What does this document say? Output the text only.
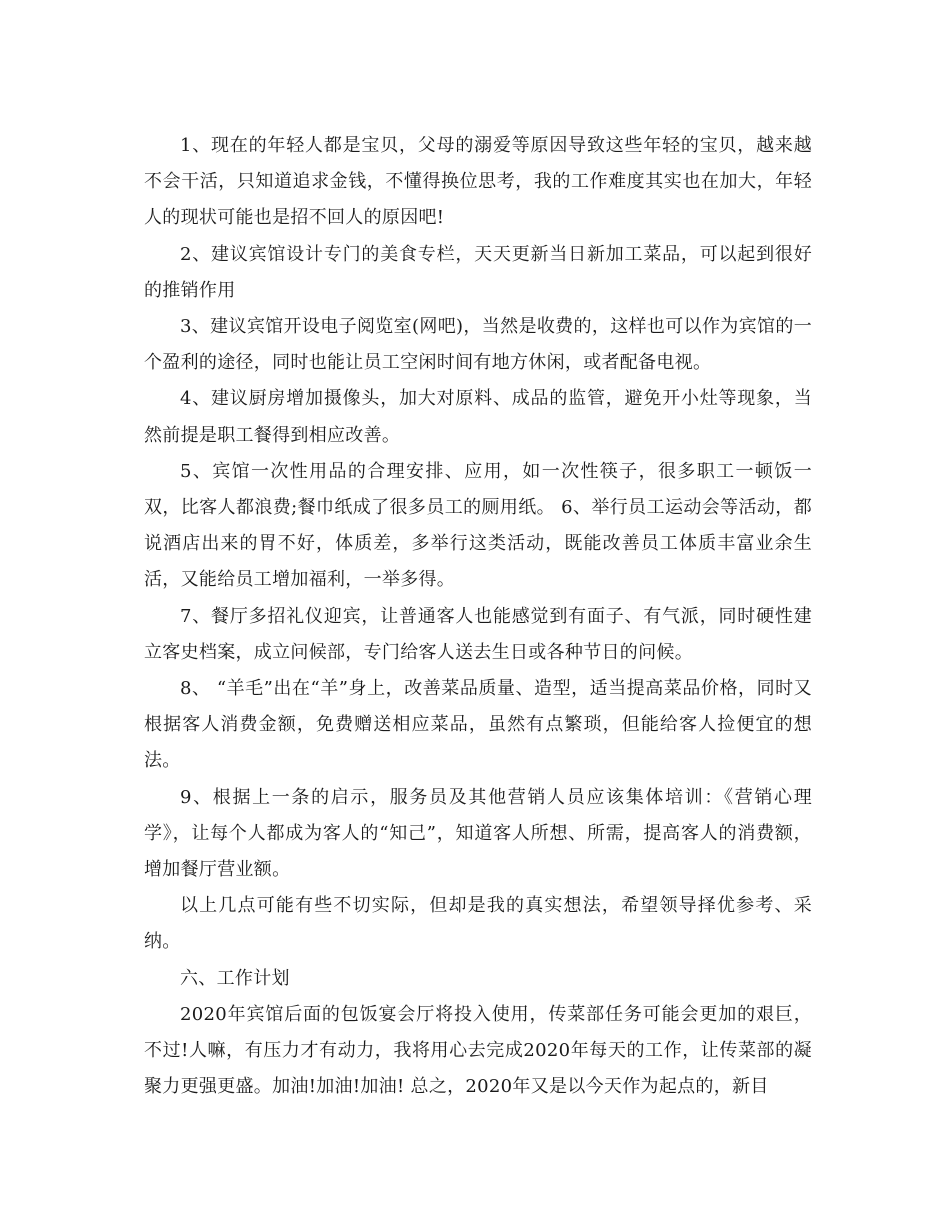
1、现在的年轻人都是宝贝，父母的溺爱等原因导致这些年轻的宝贝，越来越不会干活，只知道追求金钱，不懂得换位思考，我的工作难度其实也在加大，年轻人的现状可能也是招不回人的原因吧!

2、建议宾馆设计专门的美食专栏，天天更新当日新加工菜品，可以起到很好的推销作用

3、建议宾馆开设电子阅览室(网吧)，当然是收费的，这样也可以作为宾馆的一个盈利的途径，同时也能让员工空闲时间有地方休闲，或者配备电视。

4、建议厨房增加摄像头，加大对原料、成品的监管，避免开小灶等现象，当然前提是职工餐得到相应改善。

5、宾馆一次性用品的合理安排、应用，如一次性筷子，很多职工一顿饭一双，比客人都浪费;餐巾纸成了很多员工的厕用纸。 6、举行员工运动会等活动，都说酒店出来的胃不好，体质差，多举行这类活动，既能改善员工体质丰富业余生活，又能给员工增加福利，一举多得。

7、餐厅多招礼仪迎宾，让普通客人也能感觉到有面子、有气派，同时硬性建立客史档案，成立问候部，专门给客人送去生日或各种节日的问候。

8、 “羊毛”出在“羊”身上，改善菜品质量、造型，适当提高菜品价格，同时又根据客人消费金额，免费赠送相应菜品，虽然有点繁琐，但能给客人捡便宜的想法。

9、根据上一条的启示，服务员及其他营销人员应该集体培训：《营销心理学》，让每个人都成为客人的“知己”，知道客人所想、所需，提高客人的消费额，增加餐厅营业额。

以上几点可能有些不切实际，但却是我的真实想法，希望领导择优参考、采纳。

六、工作计划

2020年宾馆后面的包饭宴会厅将投入使用，传菜部任务可能会更加的艰巨，不过!人嘛，有压力才有动力，我将用心去完成2020年每天的工作，让传菜部的凝聚力更强更盛。加油!加油!加油! 总之，2020年又是以今天作为起点的，新目
